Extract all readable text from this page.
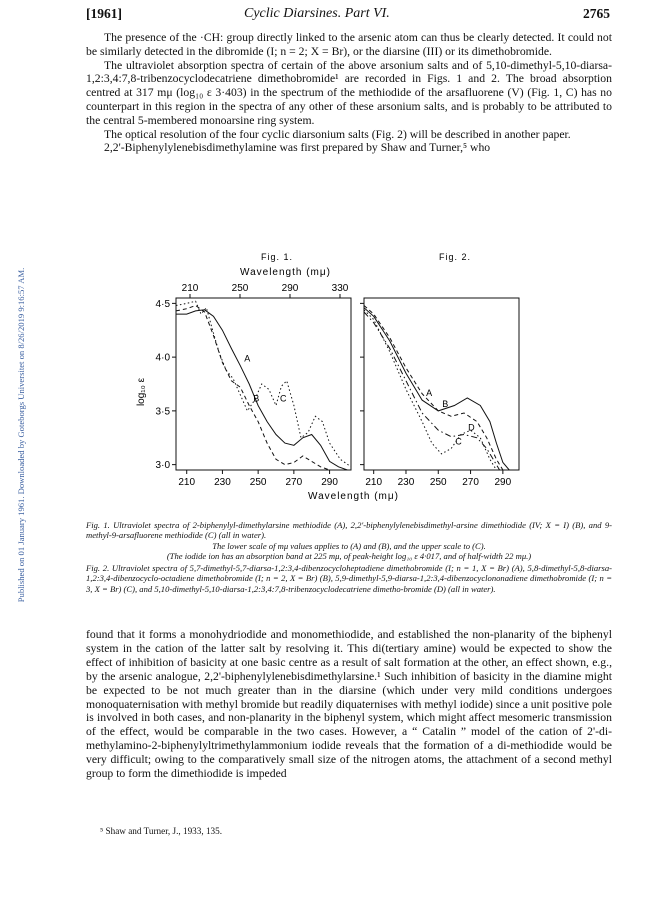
Published on 01 January 1961. Downloaded by Goteborgs Universitet on 8/26/2019 9:16:57 AM.
[1961]	Cyclic Diarsines. Part VI.	2765

The presence of the ·CH: group directly linked to the arsenic atom can thus be clearly detected. It could not be similarly detected in the dibromide (I; n = 2; X = Br), or the diarsine (III) or its dimethobromide.

The ultraviolet absorption spectra of certain of the above arsonium salts and of 5,10-dimethyl-5,10-diarsa-1,2:3,4:7,8-tribenzocyclodecatriene dimethobromide¹ are recorded in Figs. 1 and 2. The broad absorption centred at 317 mμ (log₁₀ ε 3·403) in the spectrum of the methiodide of the arsafluorene (V) (Fig. 1, C) has no counterpart in this region in the spectra of any other of these arsonium salts, and is probably to be attributed to the central 5-membered monoarsine ring system.

The optical resolution of the four cyclic diarsonium salts (Fig. 2) will be described in another paper.

2,2'-Biphenylylenebisdimethylamine was first prepared by Shaw and Turner,⁵ who

Fig. 1.	Fig. 2.
Wavelength (mμ)
210	250	290	330
log₁₀ ε
4·5
4·0
3·5
3·0
A
B C
A
B
C
D
210 230 250 270 290	210 230 250 270 290
Wavelength (mμ)

Fig. 1. Ultraviolet spectra of 2-biphenylyl-dimethylarsine methiodide (A), 2,2'-biphenylylenebisdimethyl-arsine dimethiodide (IV; X = I) (B), and 9-methyl-9-arsafluorene methiodide (C) (all in water).

The lower scale of mμ values applies to (A) and (B), and the upper scale to (C).

(The iodide ion has an absorption band at 225 mμ, of peak-height log₁₀ ε 4·017, and of half-width 22 mμ.)

Fig. 2. Ultraviolet spectra of 5,7-dimethyl-5,7-diarsa-1,2:3,4-dibenzocycloheptadiene dimethobromide (I; n = 1, X = Br) (A), 5,8-dimethyl-5,8-diarsa-1,2:3,4-dibenzocyclo-octadiene dimethobromide (I; n = 2, X = Br) (B), 5,9-dimethyl-5,9-diarsa-1,2:3,4-dibenzocyclononadiene dimethobromide (I; n = 3, X = Br) (C), and 5,10-dimethyl-5,10-diarsa-1,2:3,4:7,8-tribenzocyclodecatriene dimetho-bromide (D) (all in water).

found that it forms a monohydriodide and monomethiodide, and established the non-planarity of the biphenyl system in the cation of the latter salt by resolving it. This di(tertiary amine) would be expected to show the effect of inhibition of basicity at one basic centre as a result of salt formation at the other, an effect shown, e.g., by the arsenic analogue, 2,2'-biphenylylenebisdimethylarsine.¹ Such inhibition of basicity in the diamine might be expected to be not much greater than in the diarsine (which under very mild conditions undergoes monoquaternisation with methyl bromide but readily diquaternises with methyl iodide) since a unit positive pole is involved in both cases, and non-planarity in the biphenyl system, which might affect mesomeric transmission of the effect, would be comparable in the two cases. However, a “ Catalin ” model of the cation of 2'-di-methylamino-2-biphenylyltrimethylammonium iodide reveals that the formation of a di-methiodide would be very difficult; owing to the comparatively small size of the nitrogen atoms, the attachment of a second methyl group to form the dimethiodide is impeded

⁵ Shaw and Turner, J., 1933, 135.
